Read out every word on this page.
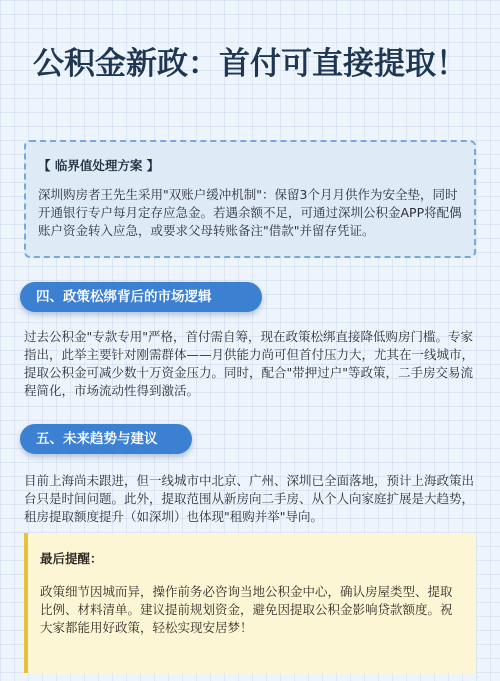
公积金新政：首付可直接提取！
【 临界值处理方案 】
深圳购房者王先生采用"双账户缓冲机制"：保留3个月月供作为安全垫，同时开通银行专户每月定存应急金。若遇余额不足，可通过深圳公积金APP将配偶账户资金转入应急，或要求父母转账备注"借款"并留存凭证。
四、政策松绑背后的市场逻辑
过去公积金"专款专用"严格，首付需自筹，现在政策松绑直接降低购房门槛。专家指出，此举主要针对刚需群体——月供能力尚可但首付压力大，尤其在一线城市，提取公积金可减少数十万资金压力。同时，配合"带押过户"等政策，二手房交易流程简化，市场流动性得到激活。
五、未来趋势与建议
目前上海尚未跟进，但一线城市中北京、广州、深圳已全面落地，预计上海政策出台只是时间问题。此外，提取范围从新房向二手房、从个人向家庭扩展是大趋势，租房提取额度提升（如深圳）也体现"租购并举"导向。
最后提醒：
政策细节因城而异，操作前务必咨询当地公积金中心，确认房屋类型、提取比例、材料清单。建议提前规划资金，避免因提取公积金影响贷款额度。祝大家都能用好政策，轻松实现安居梦！
